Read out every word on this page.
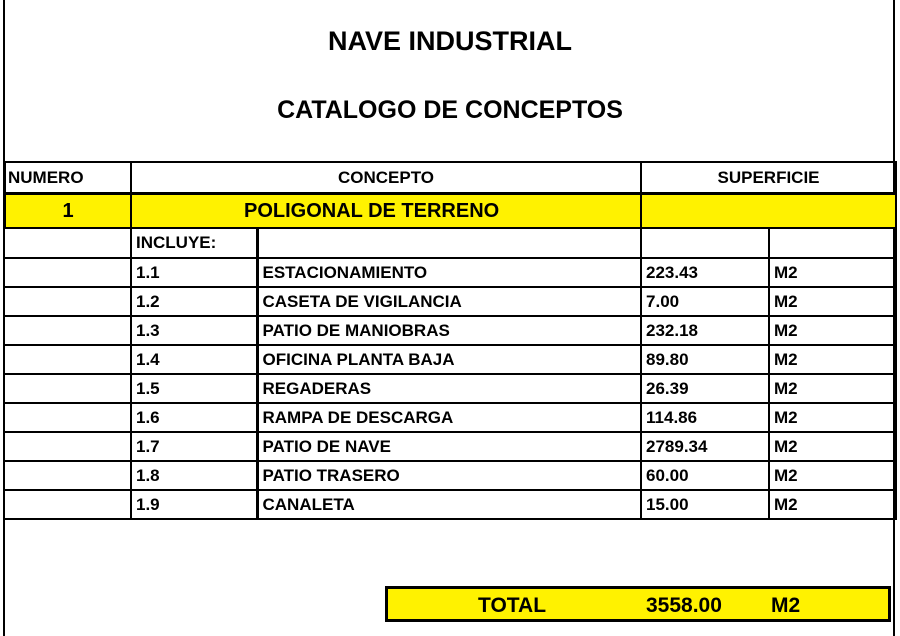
NAVE INDUSTRIAL
CATALOGO DE CONCEPTOS
NUMERO	CONCEPTO		SUPERFICIE	
1	POLIGONAL DE TERRENO			
	INCLUYE:			
	1.1	ESTACIONAMIENTO	223.43	M2
	1.2	CASETA DE VIGILANCIA	7.00	M2
	1.3	PATIO DE MANIOBRAS	232.18	M2
	1.4	OFICINA PLANTA BAJA	89.80	M2
	1.5	REGADERAS	26.39	M2
	1.6	RAMPA DE DESCARGA	114.86	M2
	1.7	PATIO DE NAVE	2789.34	M2
	1.8	PATIO TRASERO	60.00	M2
	1.9	CANALETA	15.00	M2
TOTAL	3558.00 M2
